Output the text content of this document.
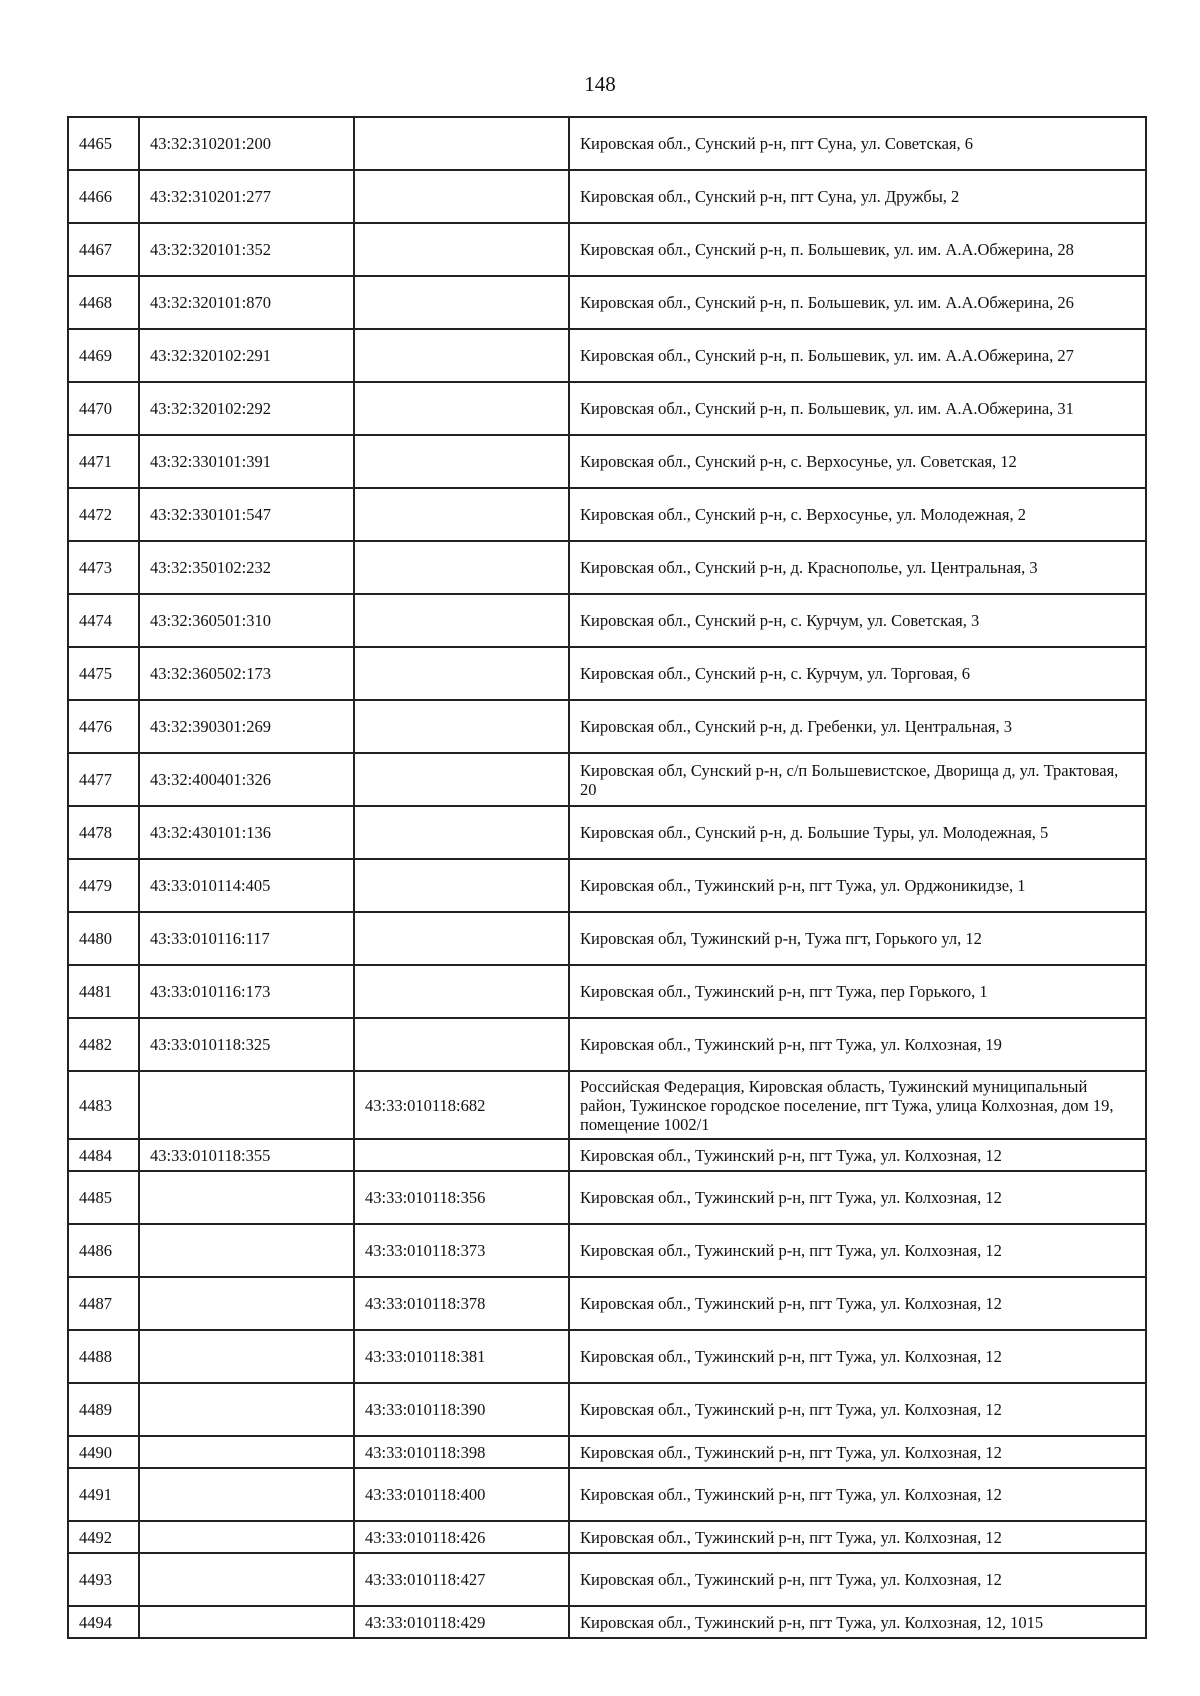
148
4465	43:32:310201:200		Кировская обл., Сунский р-н, пгт Суна, ул. Советская, 6
4466	43:32:310201:277		Кировская обл., Сунский р-н, пгт Суна, ул. Дружбы, 2
4467	43:32:320101:352		Кировская обл., Сунский р-н, п. Большевик, ул. им. А.А.Обжерина, 28
4468	43:32:320101:870		Кировская обл., Сунский р-н, п. Большевик, ул. им. А.А.Обжерина, 26
4469	43:32:320102:291		Кировская обл., Сунский р-н, п. Большевик, ул. им. А.А.Обжерина, 27
4470	43:32:320102:292		Кировская обл., Сунский р-н, п. Большевик, ул. им. А.А.Обжерина, 31
4471	43:32:330101:391		Кировская обл., Сунский р-н, с. Верхосунье, ул. Советская, 12
4472	43:32:330101:547		Кировская обл., Сунский р-н, с. Верхосунье, ул. Молодежная, 2
4473	43:32:350102:232		Кировская обл., Сунский р-н, д. Краснополье, ул. Центральная, 3
4474	43:32:360501:310		Кировская обл., Сунский р-н, с. Курчум, ул. Советская, 3
4475	43:32:360502:173		Кировская обл., Сунский р-н, с. Курчум, ул. Торговая, 6
4476	43:32:390301:269		Кировская обл., Сунский р-н, д. Гребенки, ул. Центральная, 3
4477	43:32:400401:326		Кировская обл, Сунский р-н, с/п Большевистское, Дворища д, ул. Трактовая, 20
4478	43:32:430101:136		Кировская обл., Сунский р-н, д. Большие Туры, ул. Молодежная, 5
4479	43:33:010114:405		Кировская обл., Тужинский р-н, пгт Тужа, ул. Орджоникидзе, 1
4480	43:33:010116:117		Кировская обл, Тужинский р-н, Тужа пгт, Горького ул, 12
4481	43:33:010116:173		Кировская обл., Тужинский р-н, пгт Тужа, пер Горького, 1
4482	43:33:010118:325		Кировская обл., Тужинский р-н, пгт Тужа, ул. Колхозная, 19
4483		43:33:010118:682	Российская Федерация, Кировская область, Тужинский муниципальный район, Тужинское городское поселение, пгт Тужа, улица Колхозная, дом 19, помещение 1002/1
4484	43:33:010118:355		Кировская обл., Тужинский р-н, пгт Тужа, ул. Колхозная, 12
4485		43:33:010118:356	Кировская обл., Тужинский р-н, пгт Тужа, ул. Колхозная, 12
4486		43:33:010118:373	Кировская обл., Тужинский р-н, пгт Тужа, ул. Колхозная, 12
4487		43:33:010118:378	Кировская обл., Тужинский р-н, пгт Тужа, ул. Колхозная, 12
4488		43:33:010118:381	Кировская обл., Тужинский р-н, пгт Тужа, ул. Колхозная, 12
4489		43:33:010118:390	Кировская обл., Тужинский р-н, пгт Тужа, ул. Колхозная, 12
4490		43:33:010118:398	Кировская обл., Тужинский р-н, пгт Тужа, ул. Колхозная, 12
4491		43:33:010118:400	Кировская обл., Тужинский р-н, пгт Тужа, ул. Колхозная, 12
4492		43:33:010118:426	Кировская обл., Тужинский р-н, пгт Тужа, ул. Колхозная, 12
4493		43:33:010118:427	Кировская обл., Тужинский р-н, пгт Тужа, ул. Колхозная, 12
4494		43:33:010118:429	Кировская обл., Тужинский р-н, пгт Тужа, ул. Колхозная, 12, 1015
